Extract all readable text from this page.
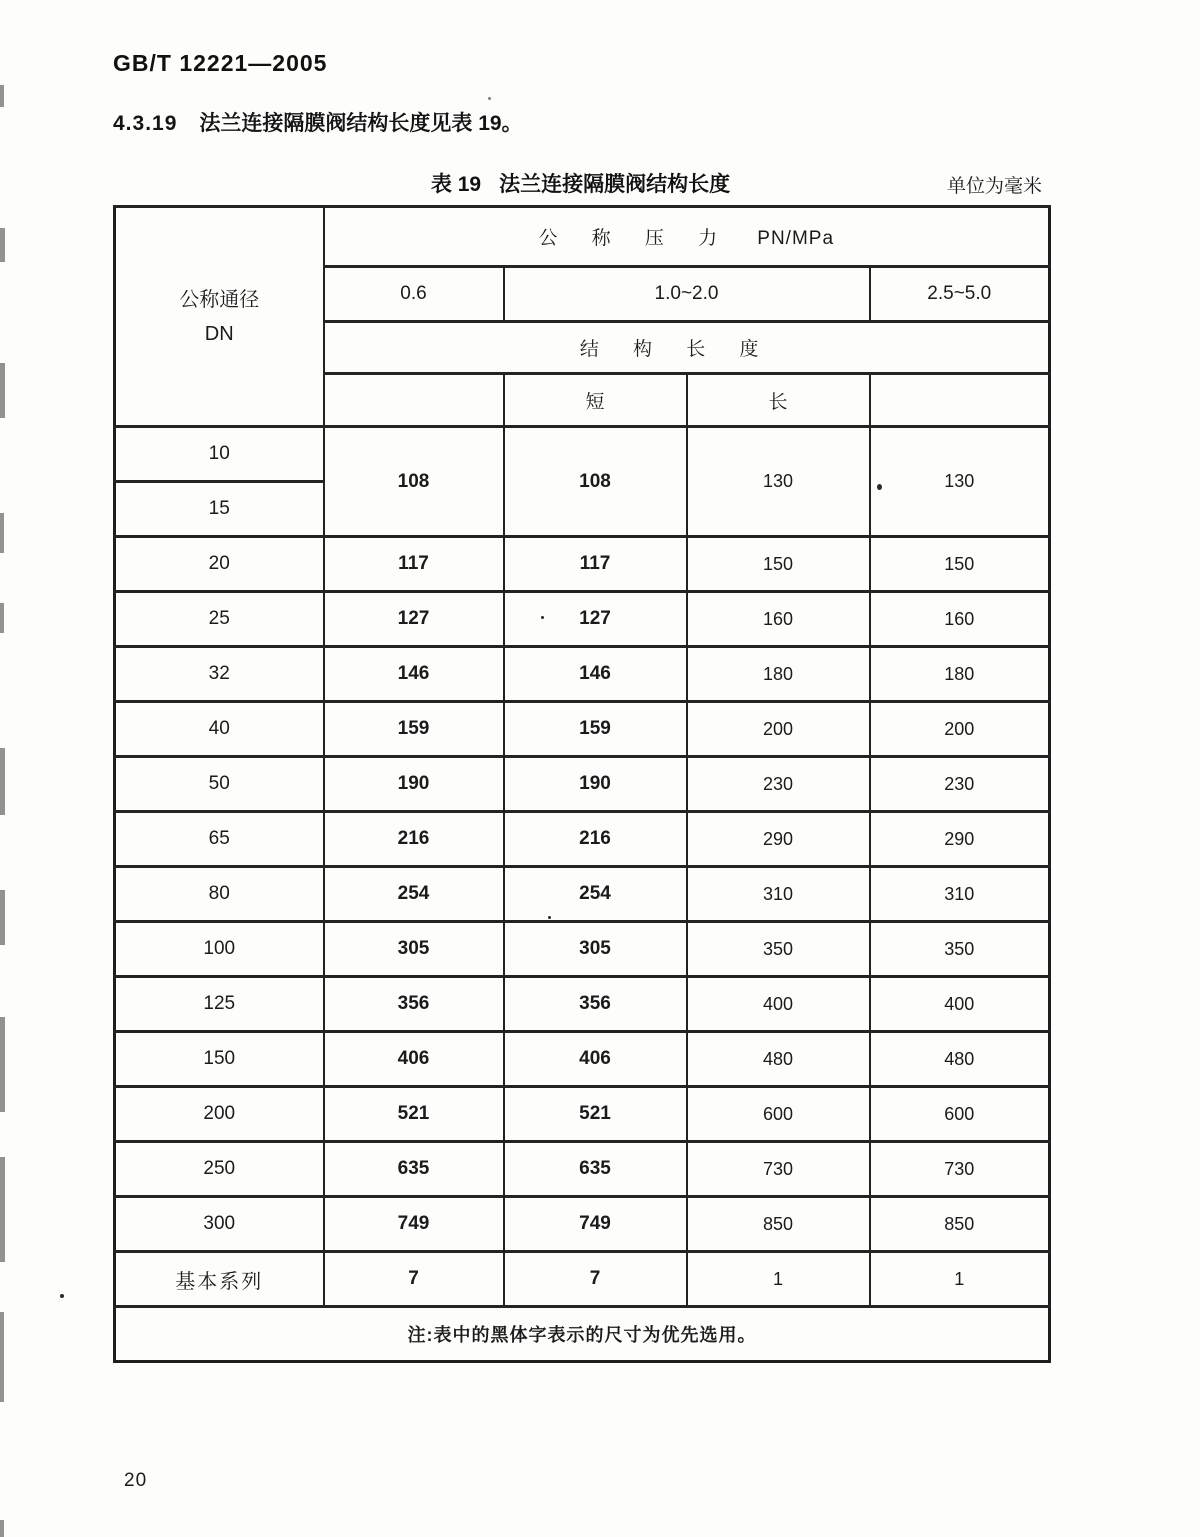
GB/T 12221—2005
4.3.19 法兰连接隔膜阀结构长度见表 19。
表 19 法兰连接隔膜阀结构长度	单位为毫米
公称通径
DN	公称压力 PN/MPa			
	0.6	1.0~2.0		2.5~5.0
	结构长度			
		短	长	
10	108	108	130	130
15				
20	117	117	150	150
25	127	127	160	160
32	146	146	180	180
40	159	159	200	200
50	190	190	230	230
65	216	216	290	290
80	254	254	310	310
100	305	305	350	350
125	356	356	400	400
150	406	406	480	480
200	521	521	600	600
250	635	635	730	730
300	749	749	850	850
基本系列	7	7	1	1
注:表中的黑体字表示的尺寸为优先选用。				
20
